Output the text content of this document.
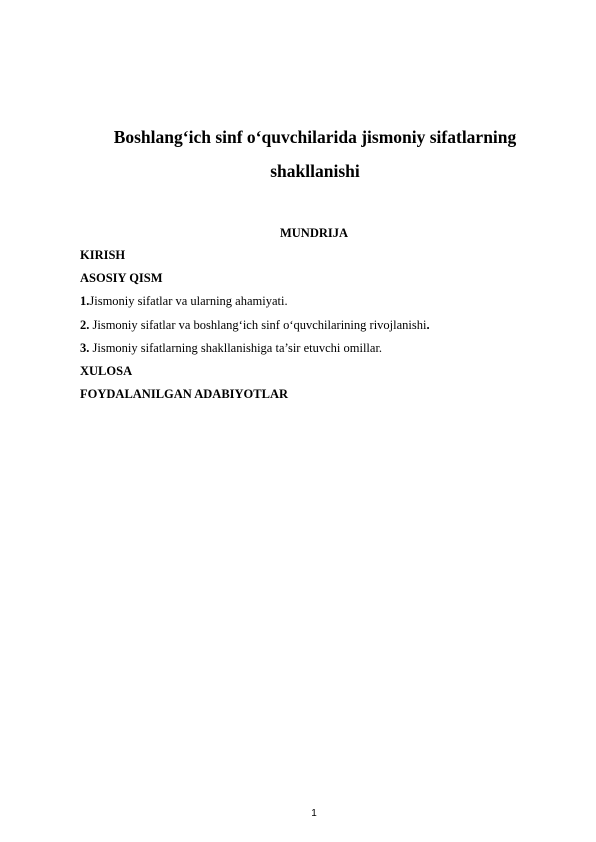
Boshlang‘ich sinf o‘quvchilarida jismoniy sifatlarning
shakllanishi
MUNDRIJA
KIRISH
ASOSIY QISM
1.Jismoniy sifatlar va ularning ahamiyati.
2. Jismoniy sifatlar va boshlang‘ich sinf o‘quvchilarining rivojlanishi.
3. Jismoniy sifatlarning shakllanishiga ta’sir etuvchi omillar.
XULOSA
FOYDALANILGAN ADABIYOTLAR
1
